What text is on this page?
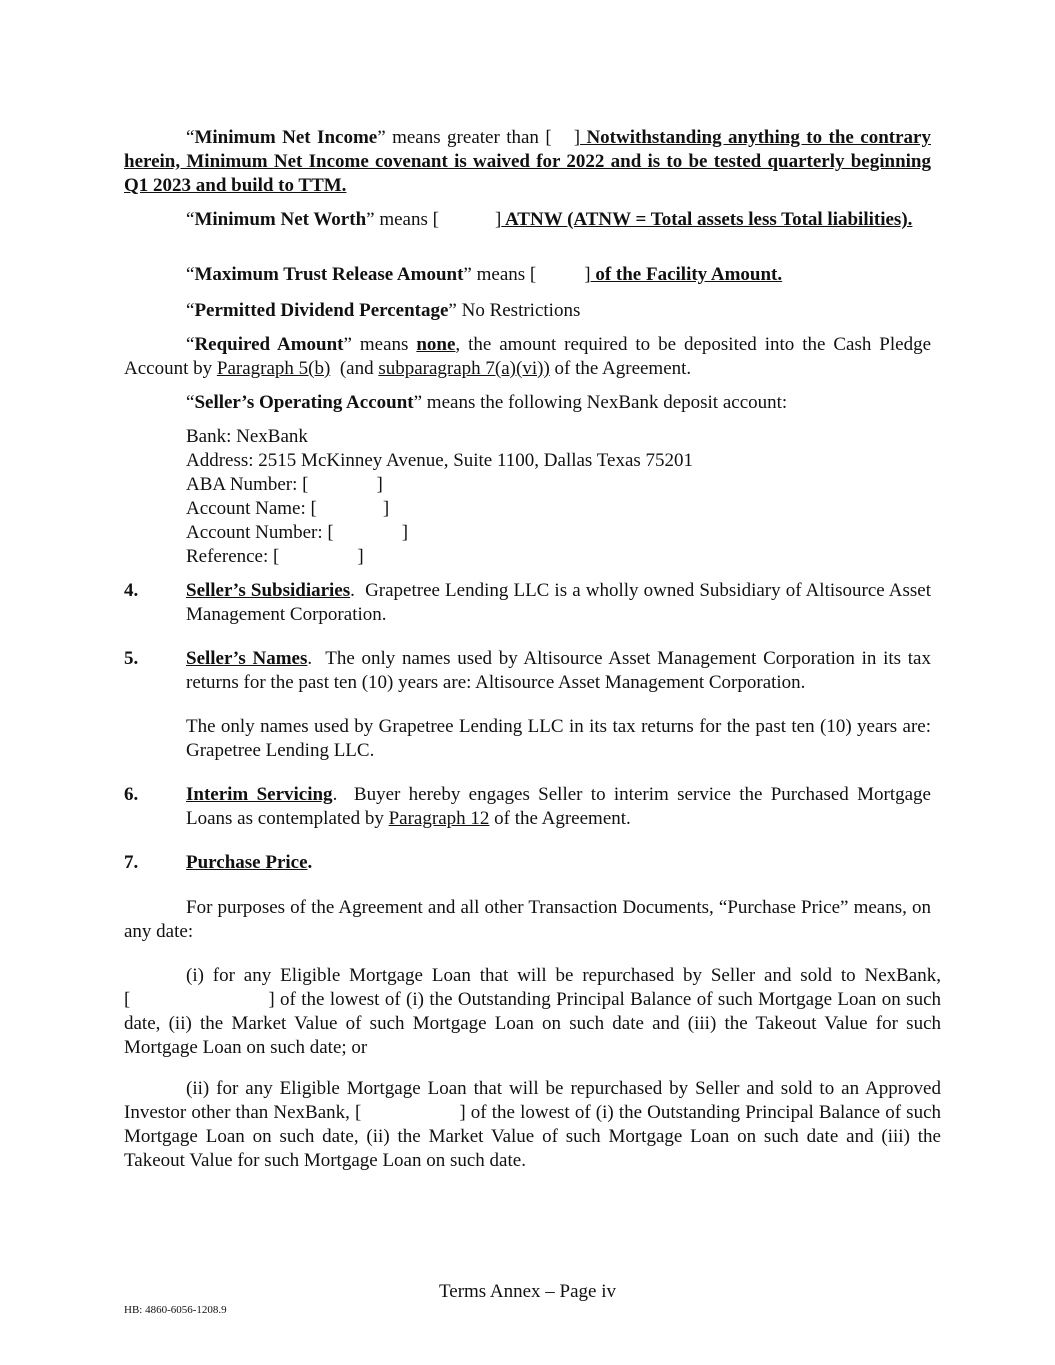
“Minimum Net Income” means greater than [ ] Notwithstanding anything to the contrary herein, Minimum Net Income covenant is waived for 2022 and is to be tested quarterly beginning Q1 2023 and build to TTM.
“Minimum Net Worth” means [	] ATNW (ATNW = Total assets less Total liabilities).
“Maximum Trust Release Amount” means [	] of the Facility Amount.
“Permitted Dividend Percentage” No Restrictions
“Required Amount” means none, the amount required to be deposited into the Cash Pledge Account by Paragraph 5(b)  (and subparagraph 7(a)(vi)) of the Agreement.
“Seller’s Operating Account” means the following NexBank deposit account:
Bank: NexBank
Address: 2515 McKinney Avenue, Suite 1100, Dallas Texas 75201
ABA Number: [	]
Account Name: [	]
Account Number: [	]
Reference: [	]
4.	Seller’s Subsidiaries.  Grapetree Lending LLC is a wholly owned Subsidiary of Altisource Asset Management Corporation.
5.	Seller’s Names.  The only names used by Altisource Asset Management Corporation in its tax returns for the past ten (10) years are: Altisource Asset Management Corporation.
The only names used by Grapetree Lending LLC in its tax returns for the past ten (10) years are: Grapetree Lending LLC.
6.	Interim Servicing.  Buyer hereby engages Seller to interim service the Purchased Mortgage Loans as contemplated by Paragraph 12 of the Agreement.
7.	Purchase Price.
For purposes of the Agreement and all other Transaction Documents, “Purchase Price” means, on any date:
(i) for any Eligible Mortgage Loan that will be repurchased by Seller and sold to NexBank,
[	] of the lowest of (i) the Outstanding Principal Balance of such Mortgage Loan on such date, (ii) the Market Value of such Mortgage Loan on such date and (iii) the Takeout Value for such Mortgage Loan on such date; or
(ii) for any Eligible Mortgage Loan that will be repurchased by Seller and sold to an Approved Investor other than NexBank, [	] of the lowest of (i) the Outstanding Principal Balance of such Mortgage Loan on such date, (ii) the Market Value of such Mortgage Loan on such date and (iii) the Takeout Value for such Mortgage Loan on such date.
Terms Annex – Page iv
HB: 4860-6056-1208.9
